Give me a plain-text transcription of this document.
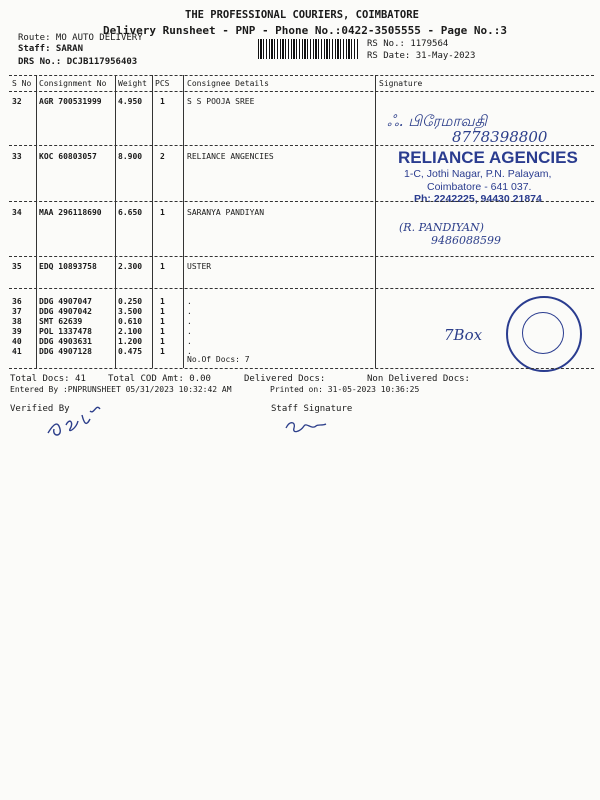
THE PROFESSIONAL COURIERS, COIMBATORE
Delivery Runsheet - PNP - Phone No.:0422-3505555 - Page No.:3
Route: MO AUTO DELIVERY
Staff: SARAN
DRS No.: DCJB117956403
RS No.: 1179564
RS Date: 31-May-2023
S No Consignment No Weight PCS Consignee Details	Signature
32 AGR 700531999 4.950 1	S S POOJA SREE
ஃ. பிரேமாவதி
8778398800
33 KOC 60803057	8.900 2	RELIANCE ANGENCIES	RELIANCE AGENCIES
1-C, Jothi Nagar, P.N. Palayam,
Coimbatore - 641 037.
Ph: 2242225, 94430 21874
34 MAA 296118690 6.650 1	SARANYA PANDIYAN
(R. PANDIYAN)
9486088599
35 EDQ 10893758	2.300 1	USTER
36 DDG 4907047	0.250 1	.
37 DDG 4907042	3.500 1	.
38 SMT 62639	0.610 1	.
39 POL 1337478	2.100 1	.
40 DDG 4903631	1.200 1	.
41 DDG 4907128	0.475 1	.
No.Of Docs: 7
7Box
Total Docs: 41 Total COD Amt: 0.00	Delivered Docs:	Non Delivered Docs:
Entered By :PNPRUNSHEET 05/31/2023 10:32:42 AM	Printed on: 31-05-2023 10:36:25
Verified By	Staff Signature
